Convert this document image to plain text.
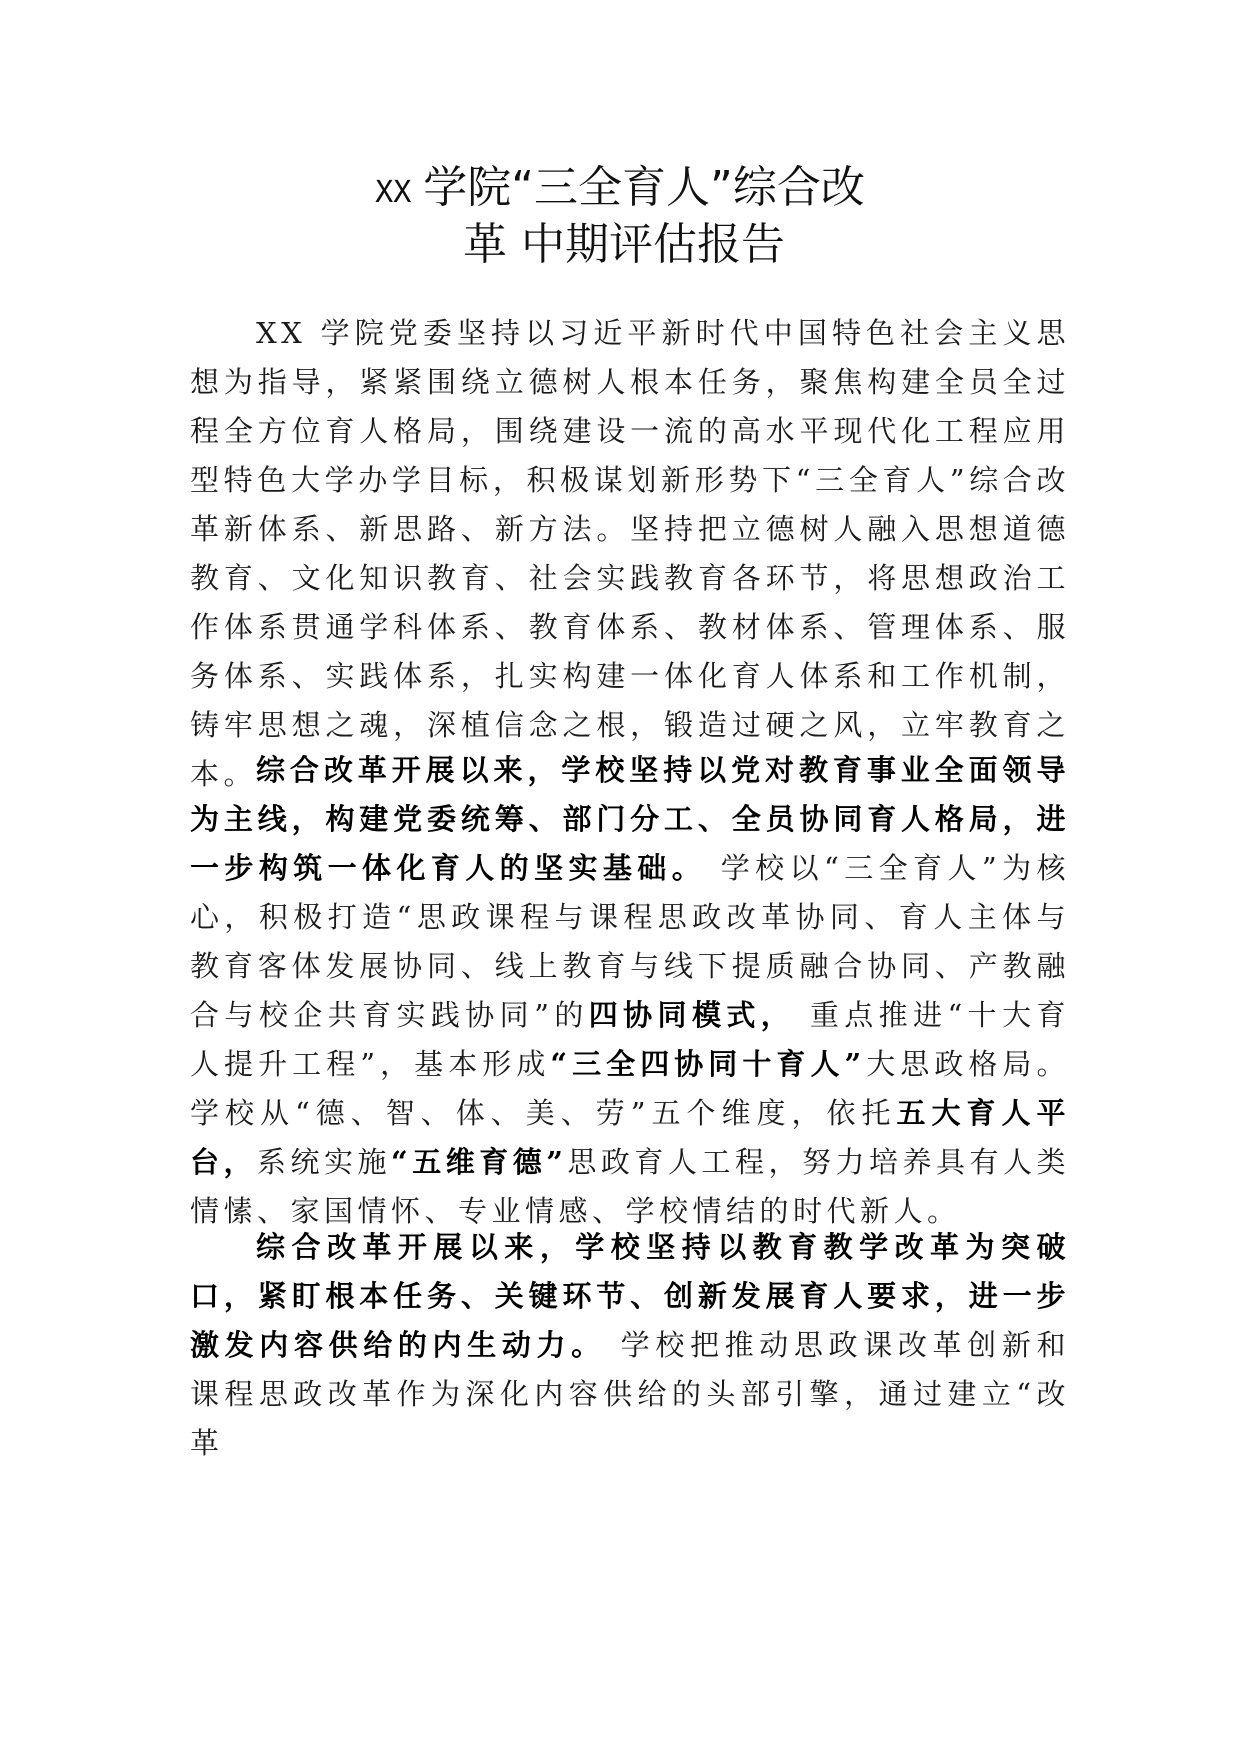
XX 学院“三全育人”综合改
革 中期评估报告

XX 学院党委坚持以习近平新时代中国特色社会主义思想为指导，紧紧围绕立德树人根本任务，聚焦构建全员全过程全方位育人格局，围绕建设一流的高水平现代化工程应用型特色大学办学目标，积极谋划新形势下“三全育人”综合改革新体系、新思路、新方法。坚持把立德树人融入思想道德教育、文化知识教育、社会实践教育各环节，将思想政治工作体系贯通学科体系、教育体系、教材体系、管理体系、服务体系、实践体系，扎实构建一体化育人体系和工作机制，铸牢思想之魂，深植信念之根，锻造过硬之风，立牢教育之本。

综合改革开展以来，学校坚持以党对教育事业全面领导为主线，构建党委统筹、部门分工、全员协同育人格局，进一步构筑一体化育人的坚实基础。 学校以“三全育人”为核心，积极打造“思政课程与课程思政改革协同、育人主体与教育客体发展协同、线上教育与线下提质融合协同、产教融合与校企共育实践协同”的四协同模式， 重点推进“十大育人提升工程”，基本形成“三全四协同十育人”大思政格局。学校从“德、智、体、美、劳”五个维度，依托五大育人平台，系统实施“五维育德”思政育人工程，努力培养具有人类情愫、家国情怀、专业情感、学校情结的时代新人。

综合改革开展以来，学校坚持以教育教学改革为突破口，紧盯根本任务、关键环节、创新发展育人要求，进一步激发内容供给的内生动力。 学校把推动思政课改革创新和课程思政改革作为深化内容供给的头部引擎，通过建立“改革
